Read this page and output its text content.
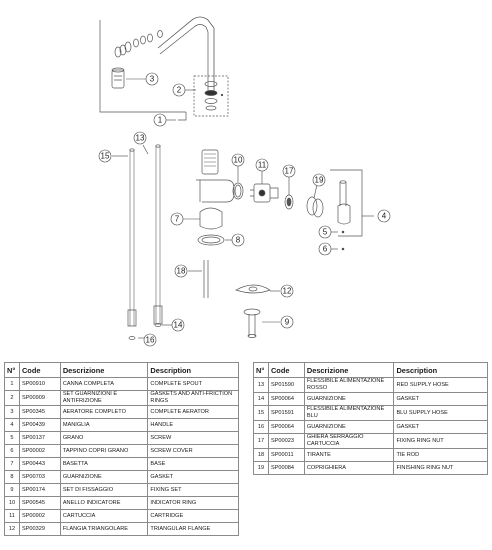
1
2
3
4
5
6
7
8
9
10
11
12
13
14
15
16
17
18
19
N°	Code	Descrizione	Description
1	SP00910	CANNA COMPLETA	COMPLETE SPOUT
2	SP00909	SET GUARNIZIONI E ANTIFRIZIONE	GASKETS AND ANTI-FRICTION RINGS
3	SP00345	AERATORE COMPLETO	COMPLETE AERATOR
4	SP00439	MANIGLIA	HANDLE
5	SP00137	GRANO	SCREW
6	SP00002	TAPPINO COPRI GRANO	SCREW COVER
7	SP00443	BASETTA	BASE
8	SP00703	GUARNIZIONE	GASKET
9	SP00174	SET DI FISSAGGIO	FIXING SET
10	SP00545	ANELLO INDICATORE	INDICATOR RING
11	SP00902	CARTUCCIA	CARTRIDGE
12	SP00329	FLANGIA TRIANGOLARE	TRIANGULAR FLANGE
N°	Code	Descrizione	Description
13	SP01590	FLESSIBILE ALIMENTAZIONE ROSSO	RED SUPPLY HOSE
14	SP00064	GUARNIZIONE	GASKET
15	SP01591	FLESSIBILE ALIMENTAZIONE BLU	BLU SUPPLY HOSE
16	SP00064	GUARNIZIONE	GASKET
17	SP00023	GHIERA SERRAGGIO CARTUCCIA	FIXING RING NUT
18	SP00011	TIRANTE	TIE ROD
19	SP00084	COPRIGHIERA	FINISHING RING NUT
